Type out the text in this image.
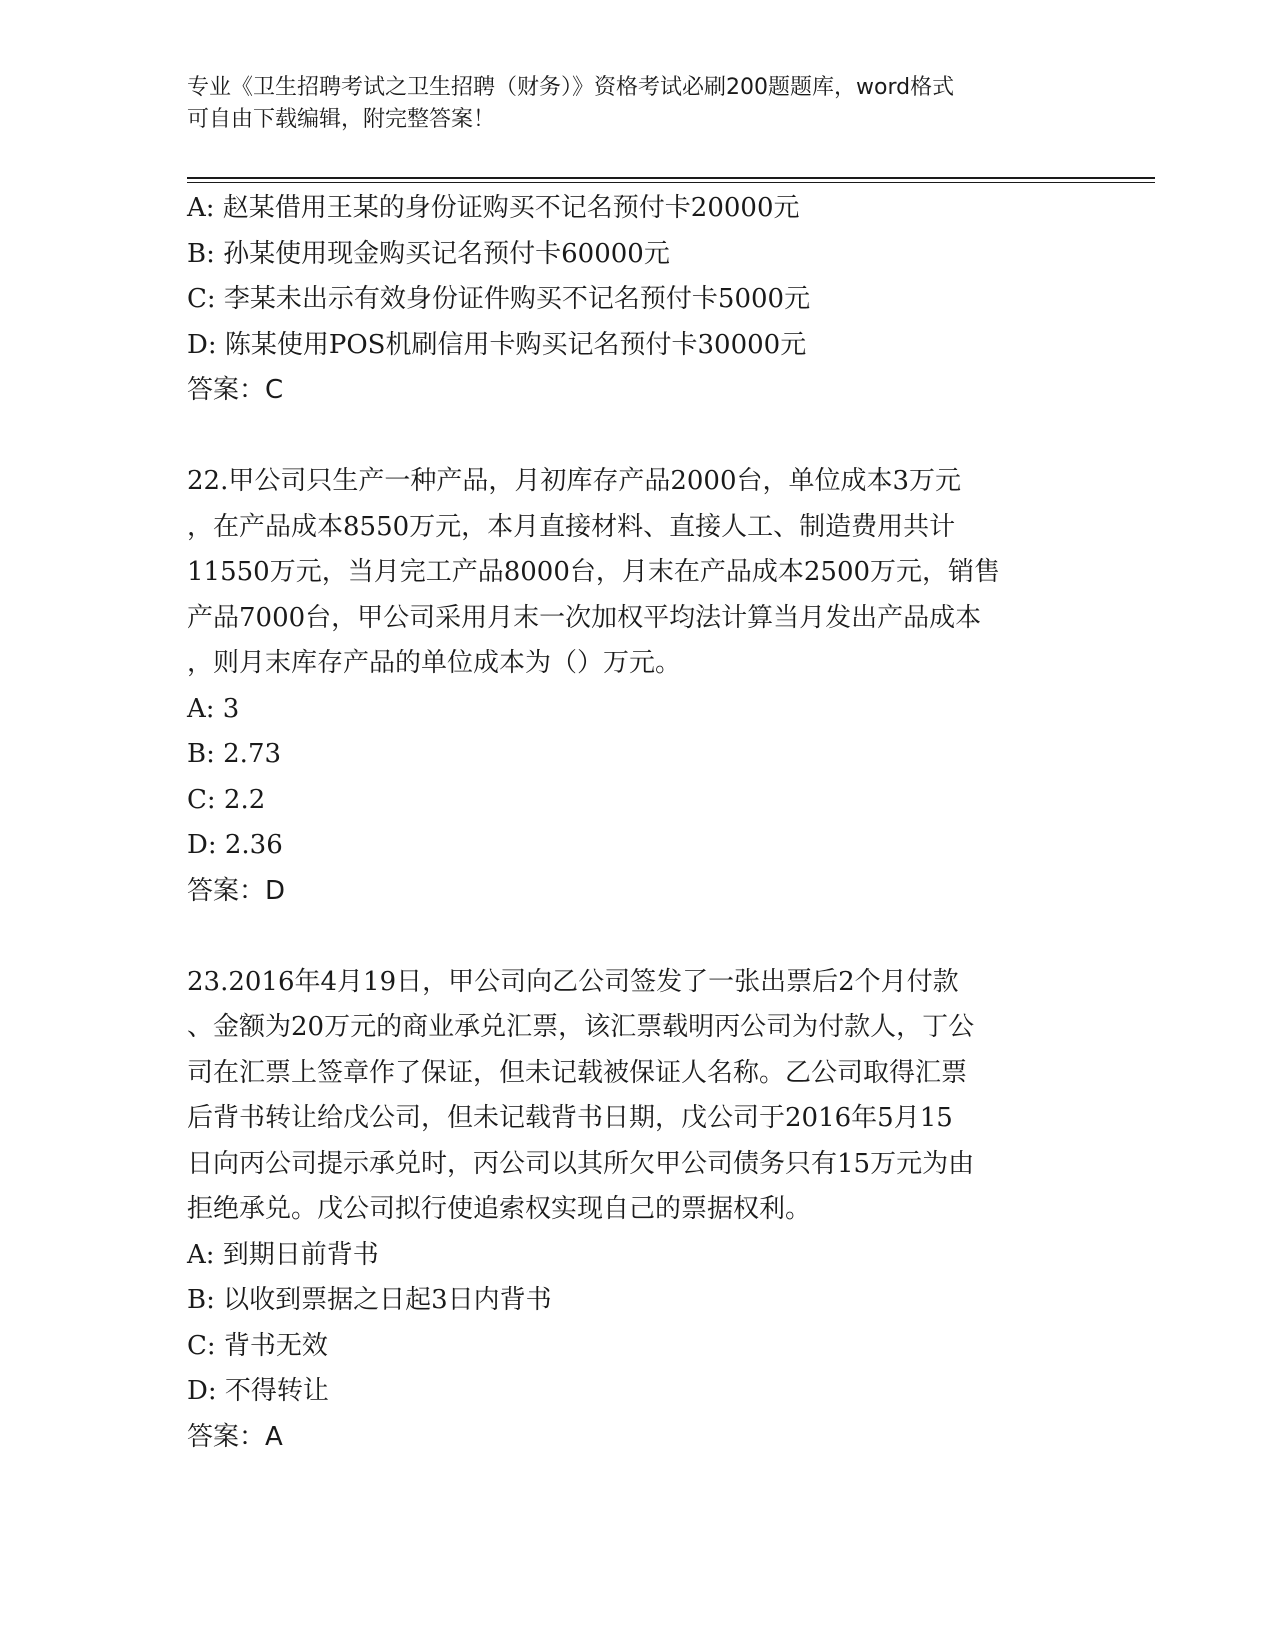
专业《卫生招聘考试之卫生招聘（财务）》资格考试必刷200题题库，word格式
可自由下载编辑，附完整答案！
A: 赵某借用王某的身份证购买不记名预付卡20000元
B: 孙某使用现金购买记名预付卡60000元
C: 李某未出示有效身份证件购买不记名预付卡5000元
D: 陈某使用POS机刷信用卡购买记名预付卡30000元
答案：C
22.甲公司只生产一种产品，月初库存产品2000台，单位成本3万元
，在产品成本8550万元，本月直接材料、直接人工、制造费用共计
11550万元，当月完工产品8000台，月末在产品成本2500万元，销售
产品7000台，甲公司采用月末一次加权平均法计算当月发出产品成本
，则月末库存产品的单位成本为（）万元。
A: 3
B: 2.73
C: 2.2
D: 2.36
答案：D
23.2016年4月19日，甲公司向乙公司签发了一张出票后2个月付款
、金额为20万元的商业承兑汇票，该汇票载明丙公司为付款人，丁公
司在汇票上签章作了保证，但未记载被保证人名称。乙公司取得汇票
后背书转让给戊公司，但未记载背书日期，戊公司于2016年5月15
日向丙公司提示承兑时，丙公司以其所欠甲公司债务只有15万元为由
拒绝承兑。戊公司拟行使追索权实现自己的票据权利。
A: 到期日前背书
B: 以收到票据之日起3日内背书
C: 背书无效
D: 不得转让
答案：A
